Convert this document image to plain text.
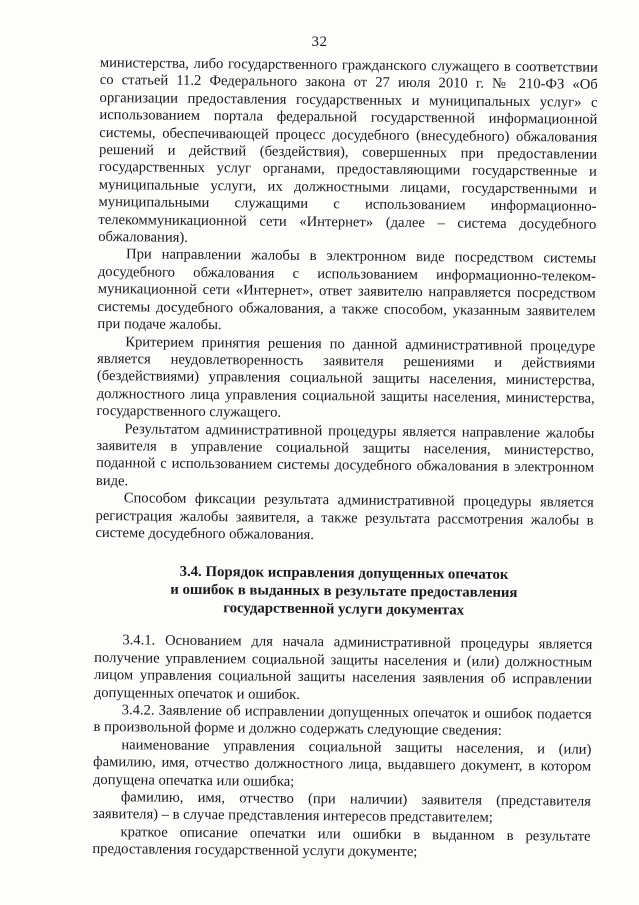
32

министерства, либо государственного гражданского служащего в соответствии со статьей 11.2 Федерального закона от 27 июля 2010 г. № 210-ФЗ «Об организации предоставления государственных и муниципальных услуг» с использованием портала федеральной государственной информационной системы, обеспечивающей процесс досудебного (внесудебного) обжалования решений и действий (бездействия), совершенных при предоставлении государственных услуг органами, предоставляющими государственные и муниципальные услуги, их должностными лицами, государственными и муниципальными служащими с использованием информационно-телекоммуникационной сети «Интернет» (далее – система досудебного обжалования).

При направлении жалобы в электронном виде посредством системы досудебного обжалования с использованием информационно-телеком-муникационной сети «Интернет», ответ заявителю направляется посредством системы досудебного обжалования, а также способом, указанным заявителем при подаче жалобы.

Критерием принятия решения по данной административной процедуре является неудовлетворенность заявителя решениями и действиями (бездействиями) управления социальной защиты населения, министерства, должностного лица управления социальной защиты населения, министерства, государственного служащего.

Результатом административной процедуры является направление жалобы заявителя в управление социальной защиты населения, министерство, поданной с использованием системы досудебного обжалования в электронном виде.

Способом фиксации результата административной процедуры является регистрация жалобы заявителя, а также результата рассмотрения жалобы в системе досудебного обжалования.

3.4. Порядок исправления допущенных опечаток
и ошибок в выданных в результате предоставления
государственной услуги документах

3.4.1. Основанием для начала административной процедуры является получение управлением социальной защиты населения и (или) должностным лицом управления социальной защиты населения заявления об исправлении допущенных опечаток и ошибок.

3.4.2. Заявление об исправлении допущенных опечаток и ошибок подается в произвольной форме и должно содержать следующие сведения:

наименование управления социальной защиты населения, и (или) фамилию, имя, отчество должностного лица, выдавшего документ, в котором допущена опечатка или ошибка;

фамилию, имя, отчество (при наличии) заявителя (представителя заявителя) – в случае представления интересов представителем;

краткое описание опечатки или ошибки в выданном в результате предоставления государственной услуги документе;
